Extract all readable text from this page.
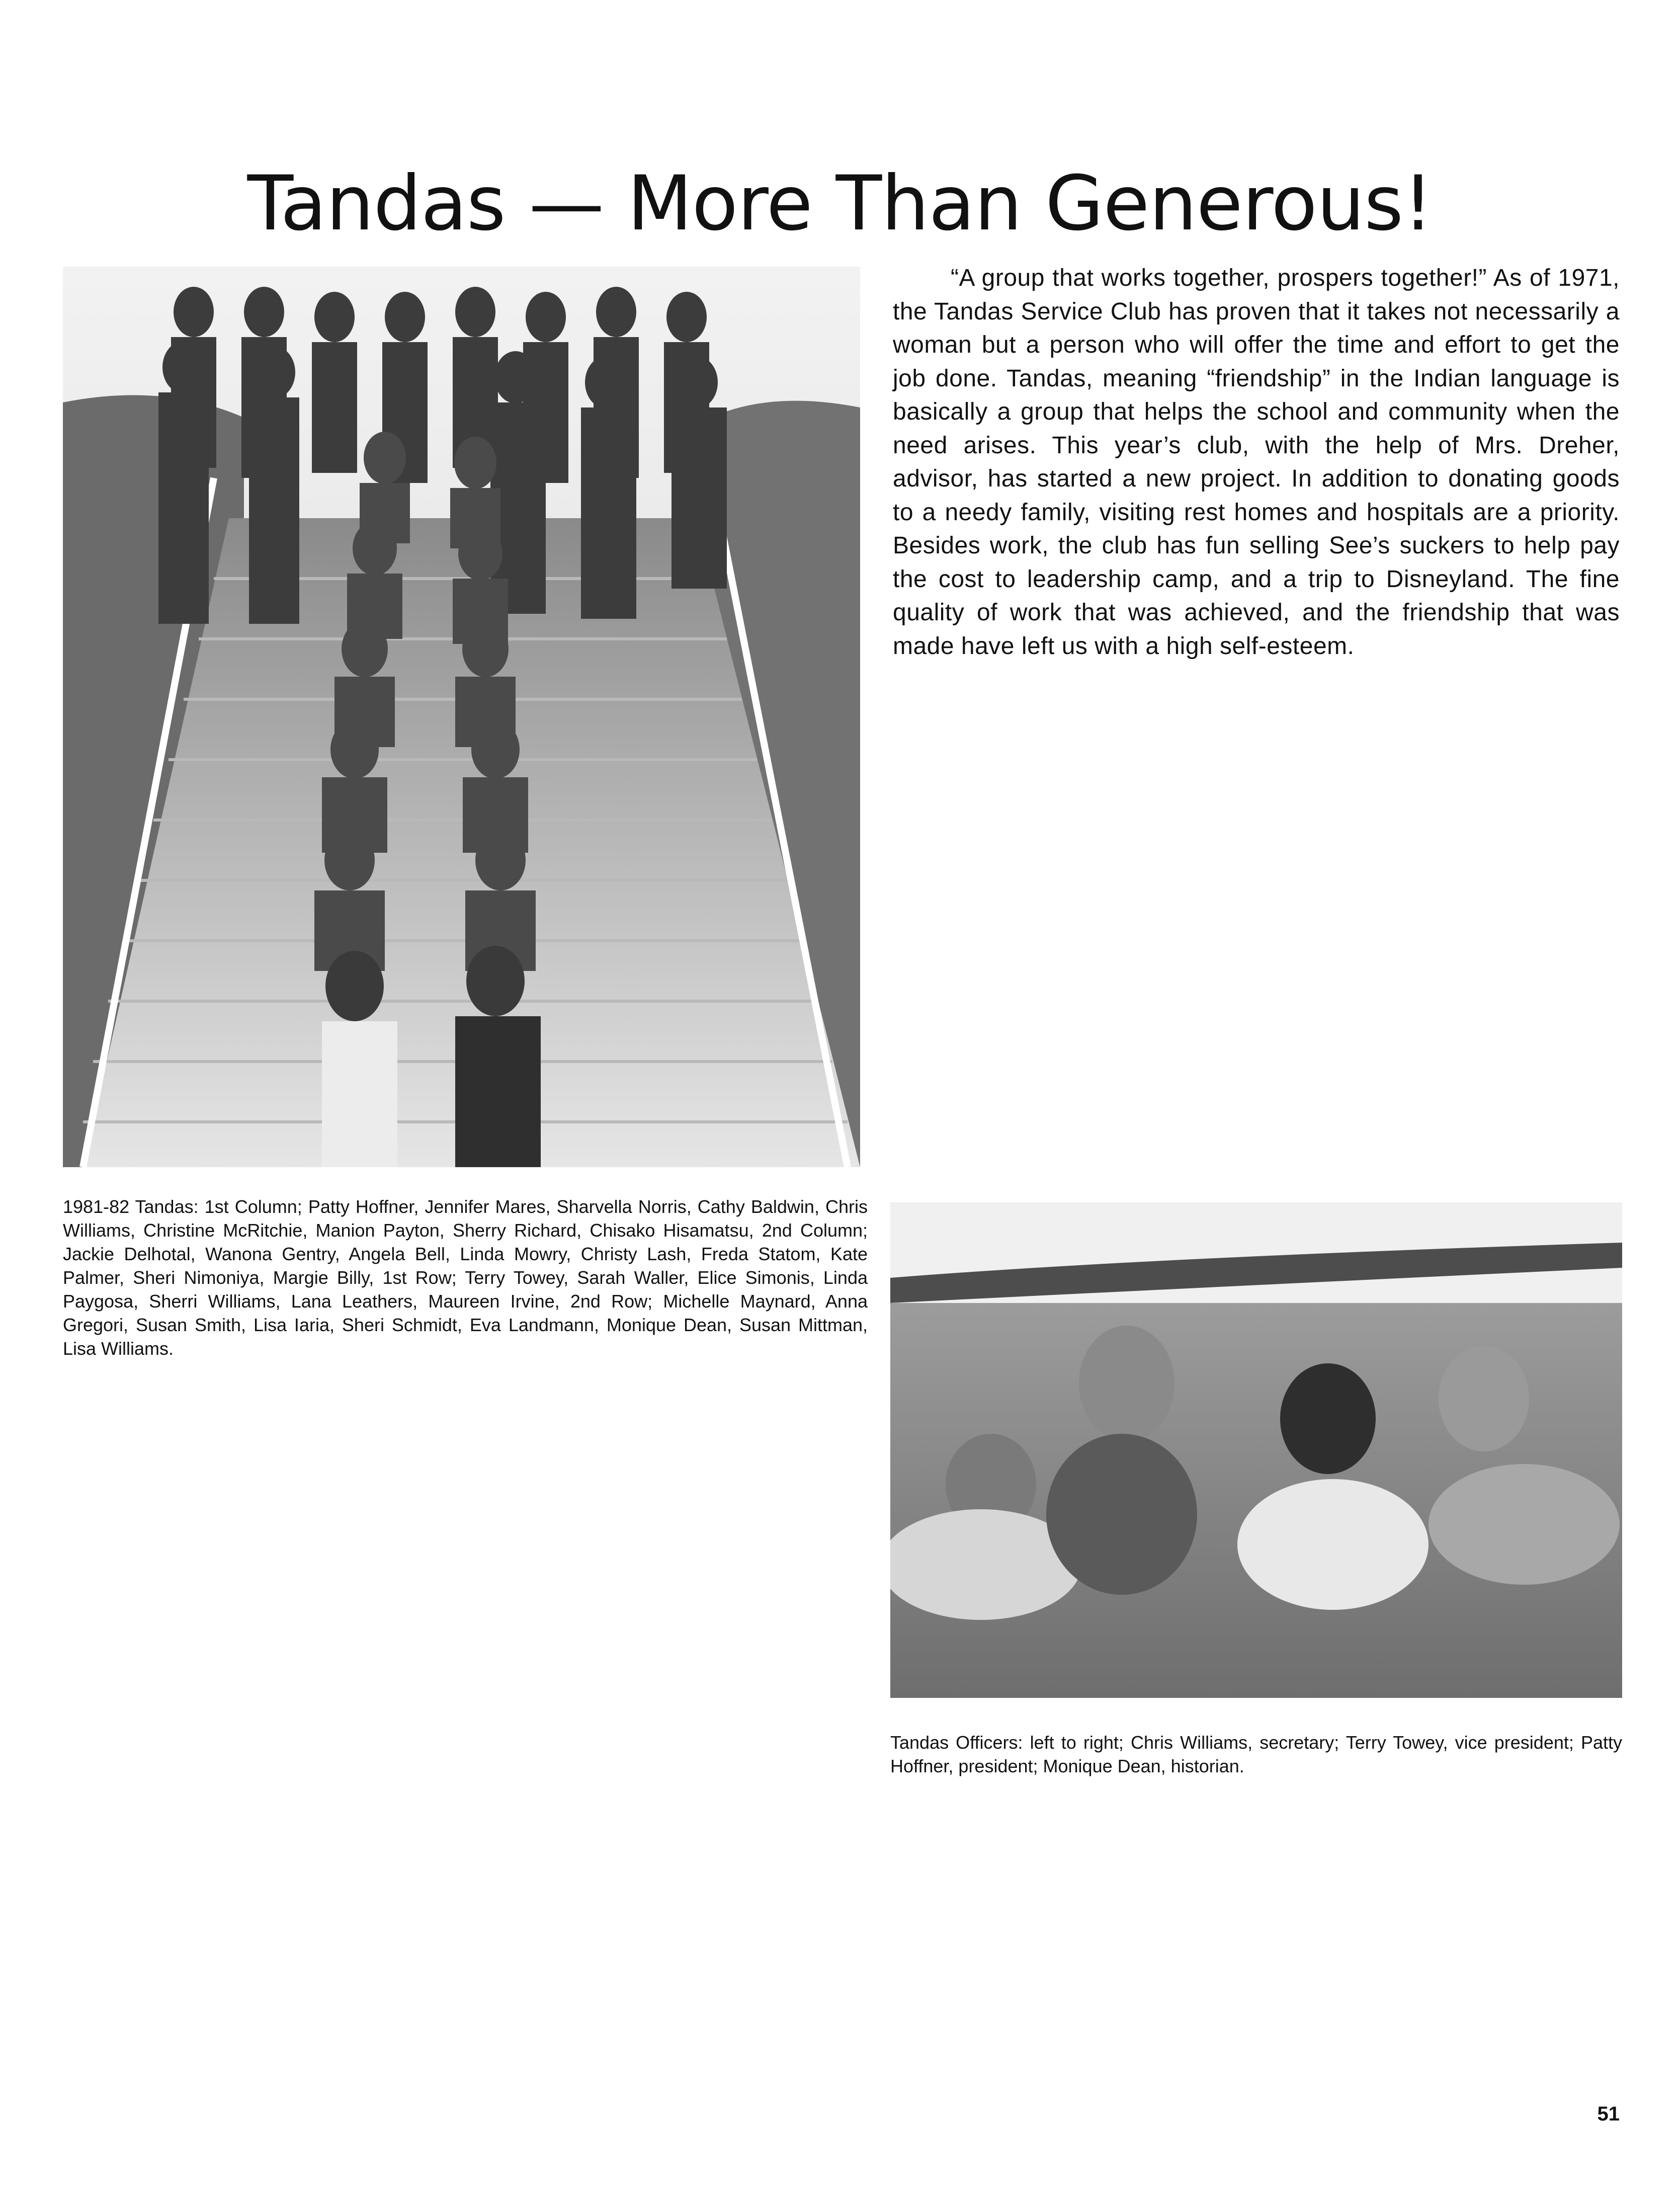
Tandas — More Than Generous!
“A group that works together, prospers together!” As of 1971, the Tandas Service Club has proven that it takes not necessarily a woman but a person who will offer the time and effort to get the job done. Tandas, meaning “friendship” in the Indian language is basically a group that helps the school and community when the need arises. This year’s club, with the help of Mrs. Dreher, advisor, has started a new project. In addition to donating goods to a needy family, visiting rest homes and hospitals are a priority. Besides work, the club has fun selling See’s suckers to help pay the cost to leadership camp, and a trip to Disneyland. The fine quality of work that was achieved, and the friendship that was made have left us with a high self-esteem.
1981-82 Tandas: 1st Column; Patty Hoffner, Jennifer Mares, Sharvella Norris, Cathy Baldwin, Chris Williams, Christine McRitchie, Manion Payton, Sherry Richard, Chisako Hisamatsu, 2nd Column; Jackie Delhotal, Wanona Gentry, Angela Bell, Linda Mowry, Christy Lash, Freda Statom, Kate Palmer, Sheri Nimoniya, Margie Billy, 1st Row; Terry Towey, Sarah Waller, Elice Simonis, Linda Paygosa, Sherri Williams, Lana Leathers, Maureen Irvine, 2nd Row; Michelle Maynard, Anna Gregori, Susan Smith, Lisa Iaria, Sheri Schmidt, Eva Landmann, Monique Dean, Susan Mittman, Lisa Williams.
Tandas Officers: left to right; Chris Williams, secretary; Terry Towey, vice president; Patty Hoffner, president; Monique Dean, historian.
51
